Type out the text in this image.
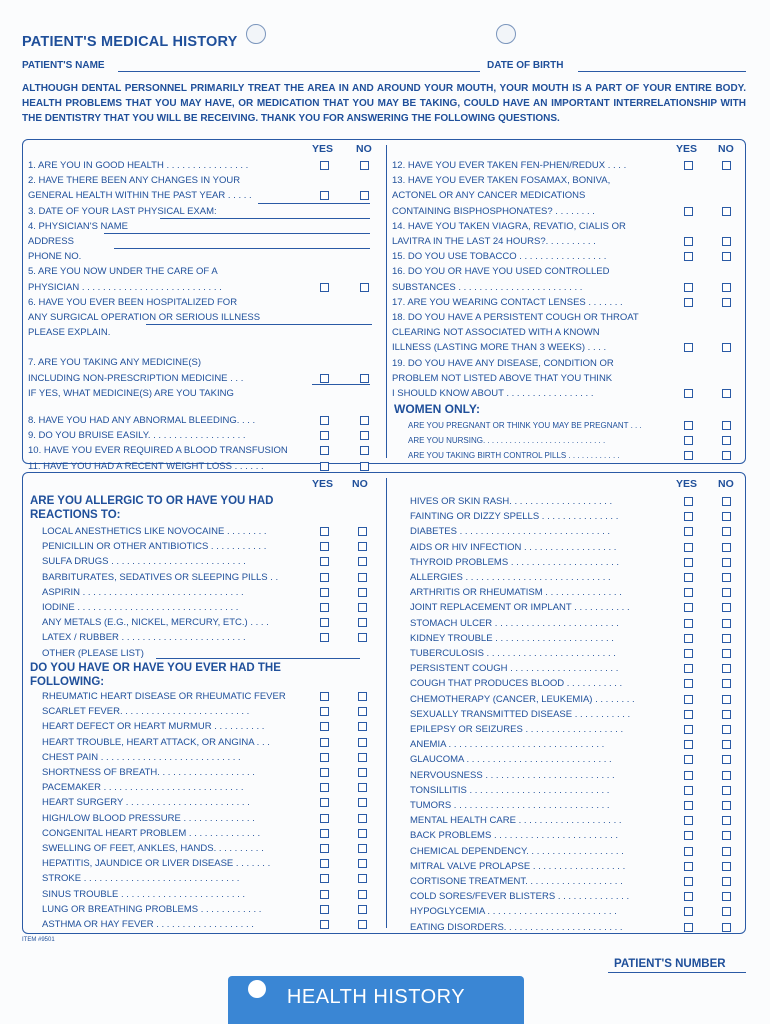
PATIENT'S MEDICAL HISTORY
PATIENT'S NAME	DATE OF BIRTH
ALTHOUGH DENTAL PERSONNEL PRIMARILY TREAT THE AREA IN AND AROUND YOUR MOUTH, YOUR MOUTH IS A PART OF YOUR ENTIRE BODY. HEALTH PROBLEMS THAT YOU MAY HAVE, OR MEDICATION THAT YOU MAY BE TAKING, COULD HAVE AN IMPORTANT INTERRELATIONSHIP WITH THE DENTISTRY THAT YOU WILL BE RECEIVING. THANK YOU FOR ANSWERING THE FOLLOWING QUESTIONS.
YES NO	YES NO
1. ARE YOU IN GOOD HEALTH . . . . . . . . . . . . . . . .
2. HAVE THERE BEEN ANY CHANGES IN YOUR
GENERAL HEALTH WITHIN THE PAST YEAR . . . . .
3. DATE OF YOUR LAST PHYSICAL EXAM:
4. PHYSICIAN'S NAME
ADDRESS
PHONE NO.
5. ARE YOU NOW UNDER THE CARE OF A
PHYSICIAN . . . . . . . . . . . . . . . . . . . . . . . . . . .
6. HAVE YOU EVER BEEN HOSPITALIZED FOR
ANY SURGICAL OPERATION OR SERIOUS ILLNESS
PLEASE EXPLAIN.
7. ARE YOU TAKING ANY MEDICINE(S)
INCLUDING NON-PRESCRIPTION MEDICINE . . .
IF YES, WHAT MEDICINE(S) ARE YOU TAKING
8. HAVE YOU HAD ANY ABNORMAL BLEEDING. . . .
9. DO YOU BRUISE EASILY. . . . . . . . . . . . . . . . . . .
10. HAVE YOU EVER REQUIRED A BLOOD TRANSFUSION
11. HAVE YOU HAD A RECENT WEIGHT LOSS . . . . . .
12. HAVE YOU EVER TAKEN FEN-PHEN/REDUX . . . .
13. HAVE YOU EVER TAKEN FOSAMAX, BONIVA,
ACTONEL OR ANY CANCER MEDICATIONS
CONTAINING BISPHOSPHONATES? . . . . . . . .
14. HAVE YOU TAKEN VIAGRA, REVATIO, CIALIS OR
LAVITRA IN THE LAST 24 HOURS?. . . . . . . . . .
15. DO YOU USE TOBACCO . . . . . . . . . . . . . . . . .
16. DO YOU OR HAVE YOU USED CONTROLLED
SUBSTANCES . . . . . . . . . . . . . . . . . . . . . . . .
17. ARE YOU WEARING CONTACT LENSES . . . . . . .
18. DO YOU HAVE A PERSISTENT COUGH OR THROAT
CLEARING NOT ASSOCIATED WITH A KNOWN
ILLNESS (LASTING MORE THAN 3 WEEKS) . . . .
19. DO YOU HAVE ANY DISEASE, CONDITION OR
PROBLEM NOT LISTED ABOVE THAT YOU THINK
I SHOULD KNOW ABOUT . . . . . . . . . . . . . . . . .
WOMEN ONLY:
ARE YOU PREGNANT OR THINK YOU MAY BE PREGNANT . . .
ARE YOU NURSING. . . . . . . . . . . . . . . . . . . . . . . . . . . .
ARE YOU TAKING BIRTH CONTROL PILLS . . . . . . . . . . . .
YES NO	YES NO
ARE YOU ALLERGIC TO OR HAVE YOU HAD REACTIONS TO:
LOCAL ANESTHETICS LIKE NOVOCAINE . . . . . . . .
PENICILLIN OR OTHER ANTIBIOTICS . . . . . . . . . . .
SULFA DRUGS . . . . . . . . . . . . . . . . . . . . . . . . . .
BARBITURATES, SEDATIVES OR SLEEPING PILLS . .
ASPIRIN . . . . . . . . . . . . . . . . . . . . . . . . . . . . . . .
IODINE . . . . . . . . . . . . . . . . . . . . . . . . . . . . . . .
ANY METALS (E.G., NICKEL, MERCURY, ETC.) . . . .
LATEX / RUBBER . . . . . . . . . . . . . . . . . . . . . . . .
OTHER (PLEASE LIST)
DO YOU HAVE OR HAVE YOU EVER HAD THE FOLLOWING:
RHEUMATIC HEART DISEASE OR RHEUMATIC FEVER
SCARLET FEVER. . . . . . . . . . . . . . . . . . . . . . . . .
HEART DEFECT OR HEART MURMUR . . . . . . . . . .
HEART TROUBLE, HEART ATTACK, OR ANGINA . . .
CHEST PAIN . . . . . . . . . . . . . . . . . . . . . . . . . . .
SHORTNESS OF BREATH. . . . . . . . . . . . . . . . . . .
PACEMAKER . . . . . . . . . . . . . . . . . . . . . . . . . . .
HEART SURGERY . . . . . . . . . . . . . . . . . . . . . . . .
HIGH/LOW BLOOD PRESSURE . . . . . . . . . . . . . .
CONGENITAL HEART PROBLEM . . . . . . . . . . . . . .
SWELLING OF FEET, ANKLES, HANDS. . . . . . . . . .
HEPATITIS, JAUNDICE OR LIVER DISEASE . . . . . . .
STROKE . . . . . . . . . . . . . . . . . . . . . . . . . . . . . .
SINUS TROUBLE . . . . . . . . . . . . . . . . . . . . . . . .
LUNG OR BREATHING PROBLEMS . . . . . . . . . . . .
ASTHMA OR HAY FEVER . . . . . . . . . . . . . . . . . . .
HIVES OR SKIN RASH. . . . . . . . . . . . . . . . . . . .
FAINTING OR DIZZY SPELLS . . . . . . . . . . . . . . .
DIABETES . . . . . . . . . . . . . . . . . . . . . . . . . . . . .
AIDS OR HIV INFECTION . . . . . . . . . . . . . . . . . .
THYROID PROBLEMS . . . . . . . . . . . . . . . . . . . . .
ALLERGIES . . . . . . . . . . . . . . . . . . . . . . . . . . . .
ARTHRITIS OR RHEUMATISM . . . . . . . . . . . . . . .
JOINT REPLACEMENT OR IMPLANT . . . . . . . . . . .
STOMACH ULCER . . . . . . . . . . . . . . . . . . . . . . . .
KIDNEY TROUBLE . . . . . . . . . . . . . . . . . . . . . . .
TUBERCULOSIS . . . . . . . . . . . . . . . . . . . . . . . . .
PERSISTENT COUGH . . . . . . . . . . . . . . . . . . . . .
COUGH THAT PRODUCES BLOOD . . . . . . . . . . .
CHEMOTHERAPY (CANCER, LEUKEMIA) . . . . . . . .
SEXUALLY TRANSMITTED DISEASE . . . . . . . . . . .
EPILEPSY OR SEIZURES . . . . . . . . . . . . . . . . . . .
ANEMIA . . . . . . . . . . . . . . . . . . . . . . . . . . . . . .
GLAUCOMA . . . . . . . . . . . . . . . . . . . . . . . . . . . .
NERVOUSNESS . . . . . . . . . . . . . . . . . . . . . . . . .
TONSILLITIS . . . . . . . . . . . . . . . . . . . . . . . . . . .
TUMORS . . . . . . . . . . . . . . . . . . . . . . . . . . . . . .
MENTAL HEALTH CARE . . . . . . . . . . . . . . . . . . . .
BACK PROBLEMS . . . . . . . . . . . . . . . . . . . . . . . .
CHEMICAL DEPENDENCY. . . . . . . . . . . . . . . . . . .
MITRAL VALVE PROLAPSE . . . . . . . . . . . . . . . . . .
CORTISONE TREATMENT. . . . . . . . . . . . . . . . . . .
COLD SORES/FEVER BLISTERS . . . . . . . . . . . . . .
HYPOGLYCEMIA . . . . . . . . . . . . . . . . . . . . . . . . .
EATING DISORDERS. . . . . . . . . . . . . . . . . . . . . . .
ITEM #9501
PATIENT'S NUMBER
HEALTH HISTORY
